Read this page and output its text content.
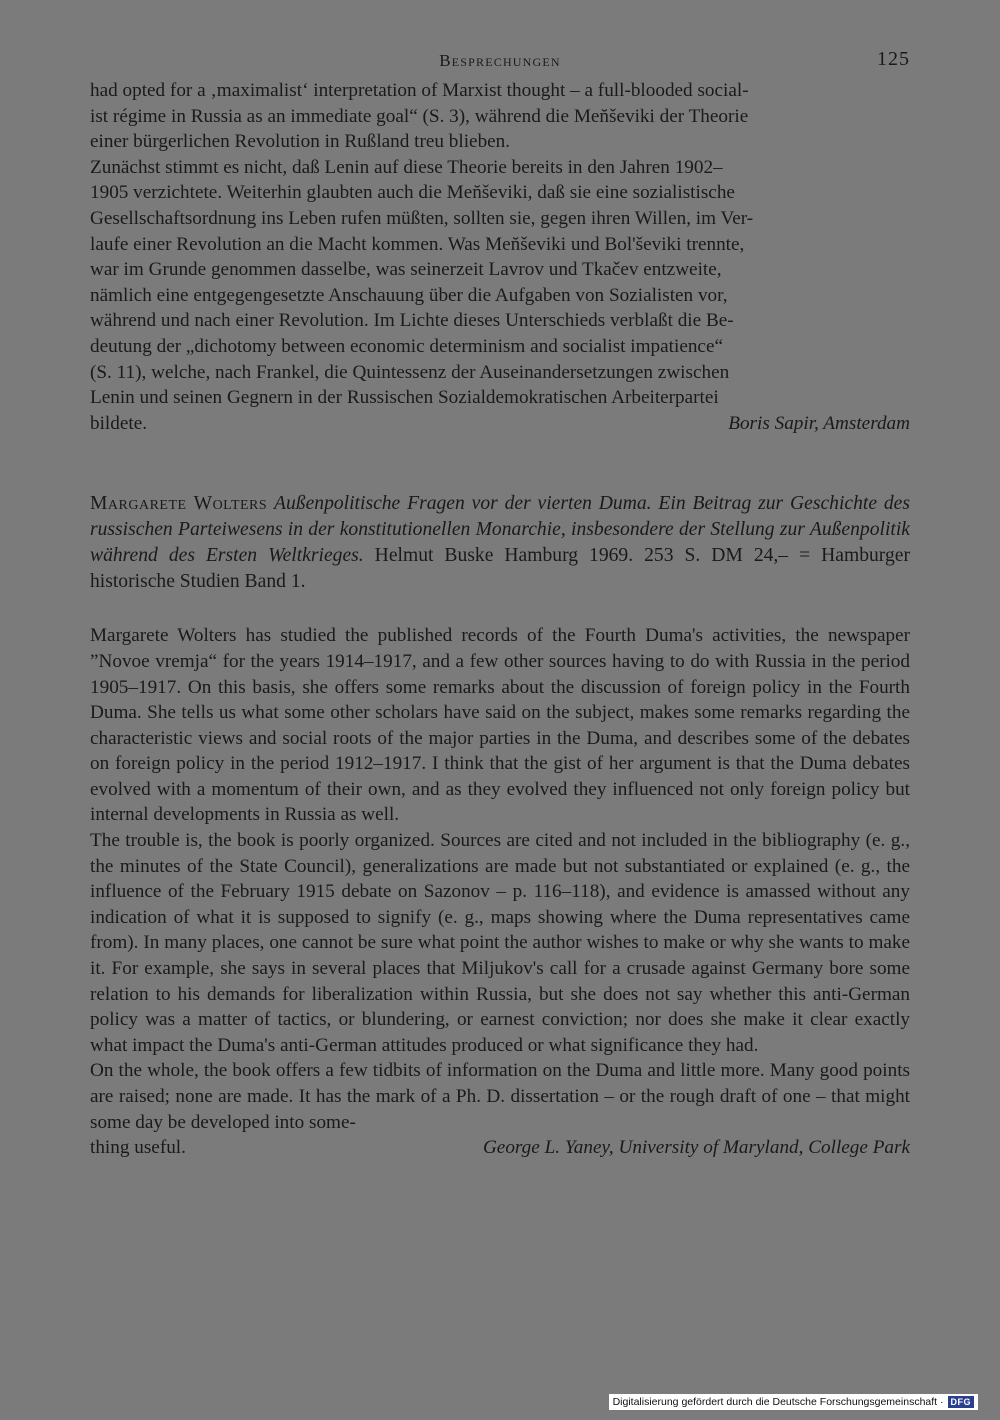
Besprechungen	125
had opted for a ‚maximalist‘ interpretation of Marxist thought – a full-blooded social-
ist régime in Russia as an immediate goal“ (S. 3), während die Men̆ševiki der Theorie
einer bürgerlichen Revolution in Rußland treu blieben.
Zunächst stimmt es nicht, daß Lenin auf diese Theorie bereits in den Jahren 1902–
1905 verzichtete. Weiterhin glaubten auch die Men̆ševiki, daß sie eine sozialistische
Gesellschaftsordnung ins Leben rufen müßten, sollten sie, gegen ihren Willen, im Ver-
laufe einer Revolution an die Macht kommen. Was Men̆ševiki und Bol'ševiki trennte,
war im Grunde genommen dasselbe, was seinerzeit Lavrov und Tkačev entzweite,
nämlich eine entgegengesetzte Anschauung über die Aufgaben von Sozialisten vor,
während und nach einer Revolution. Im Lichte dieses Unterschieds verblaßt die Be-
deutung der „dichotomy between economic determinism and socialist impatience“
(S. 11), welche, nach Frankel, die Quintessenz der Auseinandersetzungen zwischen
Lenin und seinen Gegnern in der Russischen Sozialdemokratischen Arbeiterpartei
bildete.	Boris Sapir, Amsterdam
Margarete Wolters Außenpolitische Fragen vor der vierten Duma. Ein Beitrag zur Geschichte des russischen Parteiwesens in der konstitutionellen Monarchie, insbesondere der Stellung zur Außenpolitik während des Ersten Weltkrieges. Helmut Buske Hamburg 1969. 253 S. DM 24,– = Hamburger historische Studien Band 1.

Margarete Wolters has studied the published records of the Fourth Duma's activities, the newspaper ”Novoe vremja“ for the years 1914–1917, and a few other sources having to do with Russia in the period 1905–1917. On this basis, she offers some remarks about the discussion of foreign policy in the Fourth Duma. She tells us what some other scholars have said on the subject, makes some remarks regarding the characteristic views and social roots of the major parties in the Duma, and describes some of the debates on foreign policy in the period 1912–1917. I think that the gist of her argument is that the Duma debates evolved with a momentum of their own, and as they evolved they influenced not only foreign policy but internal developments in Russia as well.

The trouble is, the book is poorly organized. Sources are cited and not included in the bibliography (e. g., the minutes of the State Council), generalizations are made but not substantiated or explained (e. g., the influence of the February 1915 debate on Sazonov – p. 116–118), and evidence is amassed without any indication of what it is supposed to signify (e. g., maps showing where the Duma representatives came from). In many places, one cannot be sure what point the author wishes to make or why she wants to make it. For example, she says in several places that Miljukov's call for a crusade against Germany bore some relation to his demands for liberalization within Russia, but she does not say whether this anti-German policy was a matter of tactics, or blundering, or earnest conviction; nor does she make it clear exactly what impact the Duma's anti-German attitudes produced or what significance they had.

On the whole, the book offers a few tidbits of information on the Duma and little more. Many good points are raised; none are made. It has the mark of a Ph. D. dissertation – or the rough draft of one – that might some day be developed into some-

thing useful.	George L. Yaney, University of Maryland, College Park
Digitalisierung gefördert durch die Deutsche Forschungsgemeinschaft · DFG
